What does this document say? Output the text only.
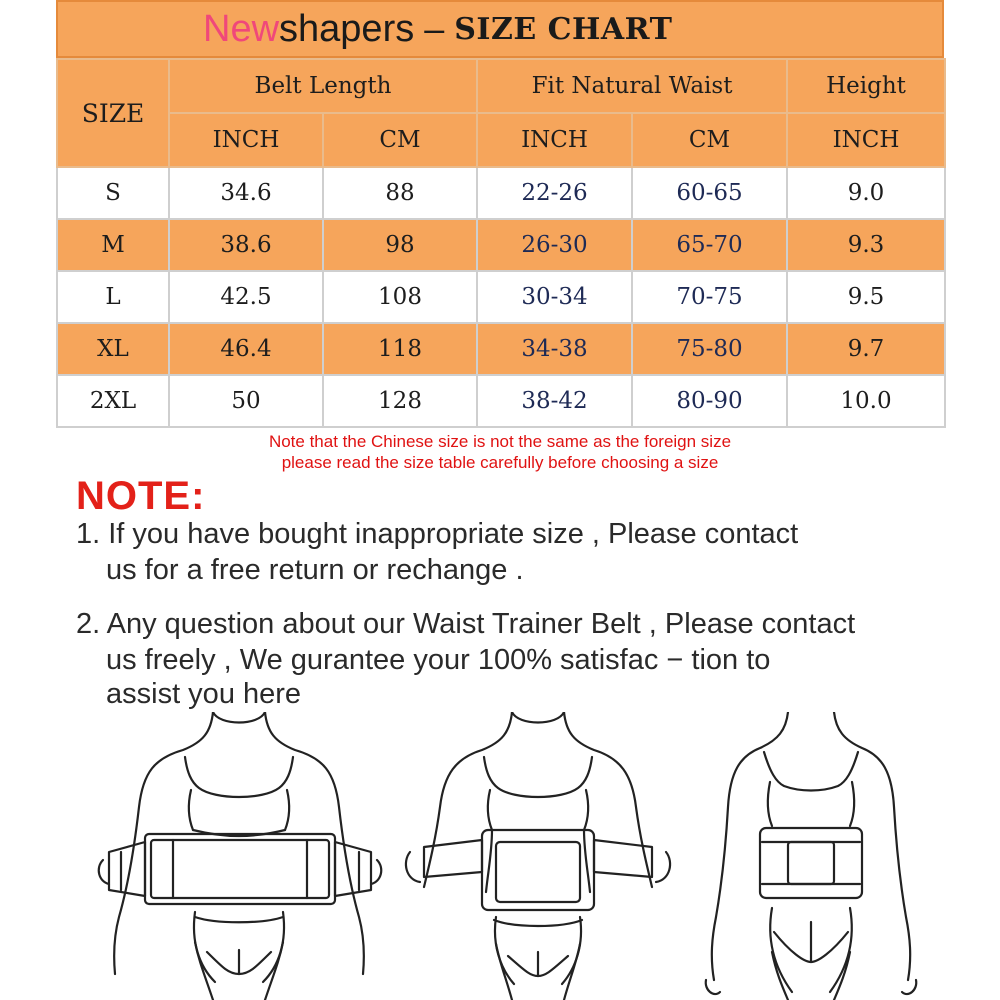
New shapers – SIZE CHART
SIZE	Belt Length		Fit Natural Waist		Height
	INCH	CM	INCH	CM	INCH
S	34.6	88	22-26	60-65	9.0
M	38.6	98	26-30	65-70	9.3
L	42.5	108	30-34	70-75	9.5
XL	46.4	118	34-38	75-80	9.7
2XL	50	128	38-42	80-90	10.0
Note that the Chinese size is not the same as the foreign size
please read the size table carefully before choosing a size
NOTE:
1. If you have bought inappropriate size , Please contact
us for a free return or rechange .
2. Any question about our Waist Trainer Belt , Please contact
us freely , We gurantee your 100% satisfac − tion to
assist you here
